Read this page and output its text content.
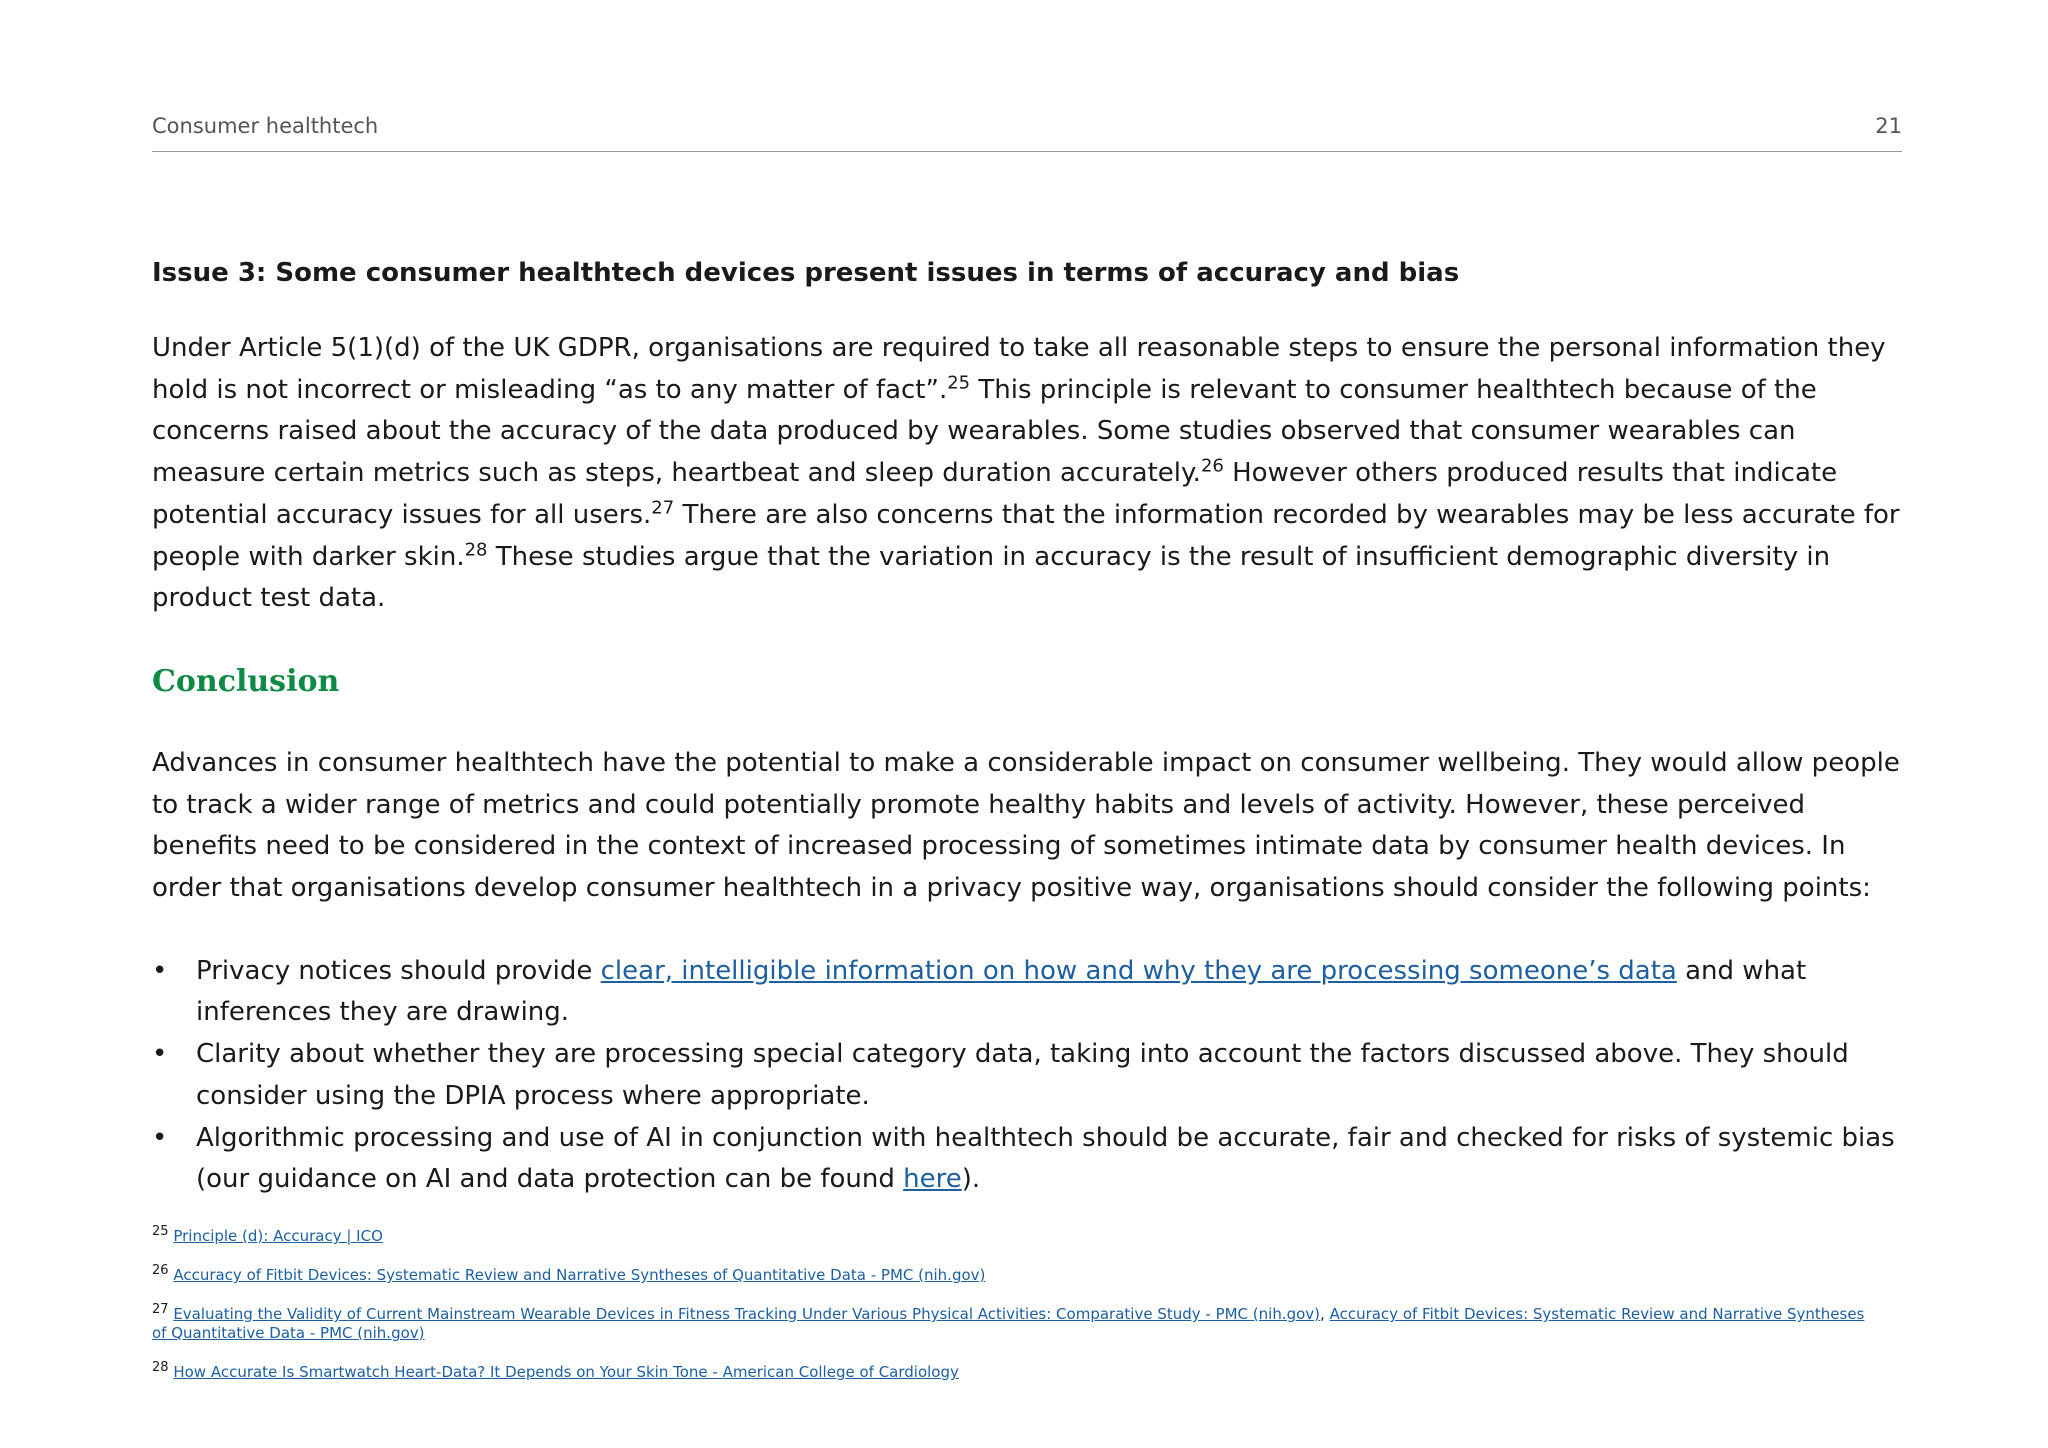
Consumer healthtech	21
Issue 3: Some consumer healthtech devices present issues in terms of accuracy and bias

Under Article 5(1)(d) of the UK GDPR, organisations are required to take all reasonable steps to ensure the personal information they hold is not incorrect or misleading “as to any matter of fact”.$^{25}$ This principle is relevant to consumer healthtech because of the concerns raised about the accuracy of the data produced by wearables. Some studies observed that consumer wearables can measure certain metrics such as steps, heartbeat and sleep duration accurately.$^{26}$ However others produced results that indicate potential accuracy issues for all users.$^{27}$ There are also concerns that the information recorded by wearables may be less accurate for people with darker skin.$^{28}$ These studies argue that the variation in accuracy is the result of insufficient demographic diversity in product test data.

Conclusion

Advances in consumer healthtech have the potential to make a considerable impact on consumer wellbeing. They would allow people to track a wider range of metrics and could potentially promote healthy habits and levels of activity. However, these perceived benefits need to be considered in the context of increased processing of sometimes intimate data by consumer health devices. In order that organisations develop consumer healthtech in a privacy positive way, organisations should consider the following points:

• Privacy notices should provide clear, intelligible information on how and why they are processing someone’s data and what inferences they are drawing.
• Clarity about whether they are processing special category data, taking into account the factors discussed above. They should consider using the DPIA process where appropriate.
• Algorithmic processing and use of AI in conjunction with healthtech should be accurate, fair and checked for risks of systemic bias (our guidance on AI and data protection can be found here).
$^{25}$ Principle (d): Accuracy | ICO
$^{26}$ Accuracy of Fitbit Devices: Systematic Review and Narrative Syntheses of Quantitative Data - PMC (nih.gov)
$^{27}$ Evaluating the Validity of Current Mainstream Wearable Devices in Fitness Tracking Under Various Physical Activities: Comparative Study - PMC (nih.gov), Accuracy of Fitbit Devices: Systematic Review and Narrative Syntheses of Quantitative Data - PMC (nih.gov)
$^{28}$ How Accurate Is Smartwatch Heart-Data? It Depends on Your Skin Tone - American College of Cardiology
